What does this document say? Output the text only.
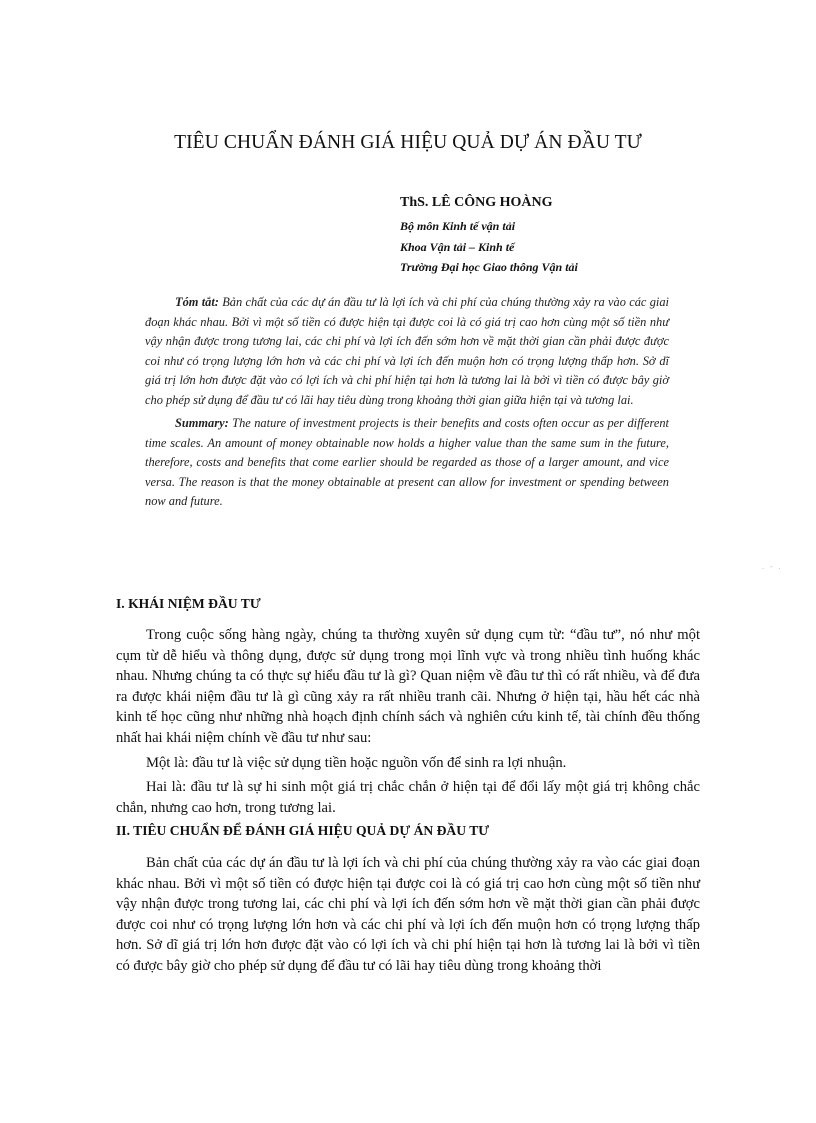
TIÊU CHUẨN ĐÁNH GIÁ HIỆU QUẢ DỰ ÁN ĐẦU TƯ

ThS. LÊ CÔNG HOÀNG

Bộ môn Kinh tế vận tải

Khoa Vận tải – Kinh tế

Trường Đại học Giao thông Vận tải

Tóm tắt: Bản chất của các dự án đầu tư là lợi ích và chi phí của chúng thường xảy ra vào các giai đoạn khác nhau. Bởi vì một số tiền có được hiện tại được coi là có giá trị cao hơn cùng một số tiền như vậy nhận được trong tương lai, các chi phí và lợi ích đến sớm hơn về mặt thời gian cần phải được được coi như có trọng lượng lớn hơn và các chi phí và lợi ích đến muộn hơn có trọng lượng thấp hơn. Sở dĩ giá trị lớn hơn được đặt vào có lợi ích và chi phí hiện tại hơn là tương lai là bởi vì tiền có được bây giờ cho phép sử dụng để đầu tư có lãi hay tiêu dùng trong khoảng thời gian giữa hiện tại và tương lai.

Summary: The nature of investment projects is their benefits and costs often occur as per different time scales. An amount of money obtainable now holds a higher value than the same sum in the future, therefore, costs and benefits that come earlier should be regarded as those of a larger amount, and vice versa. The reason is that the money obtainable at present can allow for investment or spending between now and future.

. - .
I. KHÁI NIỆM ĐẦU TƯ

Trong cuộc sống hàng ngày, chúng ta thường xuyên sử dụng cụm từ: “đầu tư”, nó như một cụm từ dễ hiểu và thông dụng, được sử dụng trong mọi lĩnh vực và trong nhiều tình huống khác nhau. Nhưng chúng ta có thực sự hiểu đầu tư là gì? Quan niệm về đầu tư thì có rất nhiều, và để đưa ra được khái niệm đầu tư là gì cũng xảy ra rất nhiều tranh cãi. Nhưng ở hiện tại, hầu hết các nhà kinh tế học cũng như những nhà hoạch định chính sách và nghiên cứu kinh tế, tài chính đều thống nhất hai khái niệm chính về đầu tư như sau:

Một là: đầu tư là việc sử dụng tiền hoặc nguồn vốn để sinh ra lợi nhuận.

Hai là: đầu tư là sự hi sinh một giá trị chắc chắn ở hiện tại để đổi lấy một giá trị không chắc chắn, nhưng cao hơn, trong tương lai.

II. TIÊU CHUẨN ĐỂ ĐÁNH GIÁ HIỆU QUẢ DỰ ÁN ĐẦU TƯ

Bản chất của các dự án đầu tư là lợi ích và chi phí của chúng thường xảy ra vào các giai đoạn khác nhau. Bởi vì một số tiền có được hiện tại được coi là có giá trị cao hơn cùng một số tiền như vậy nhận được trong tương lai, các chi phí và lợi ích đến sớm hơn về mặt thời gian cần phải được được coi như có trọng lượng lớn hơn và các chi phí và lợi ích đến muộn hơn có trọng lượng thấp hơn. Sở dĩ giá trị lớn hơn được đặt vào có lợi ích và chi phí hiện tại hơn là tương lai là bởi vì tiền có được bây giờ cho phép sử dụng để đầu tư có lãi hay tiêu dùng trong khoảng thời
